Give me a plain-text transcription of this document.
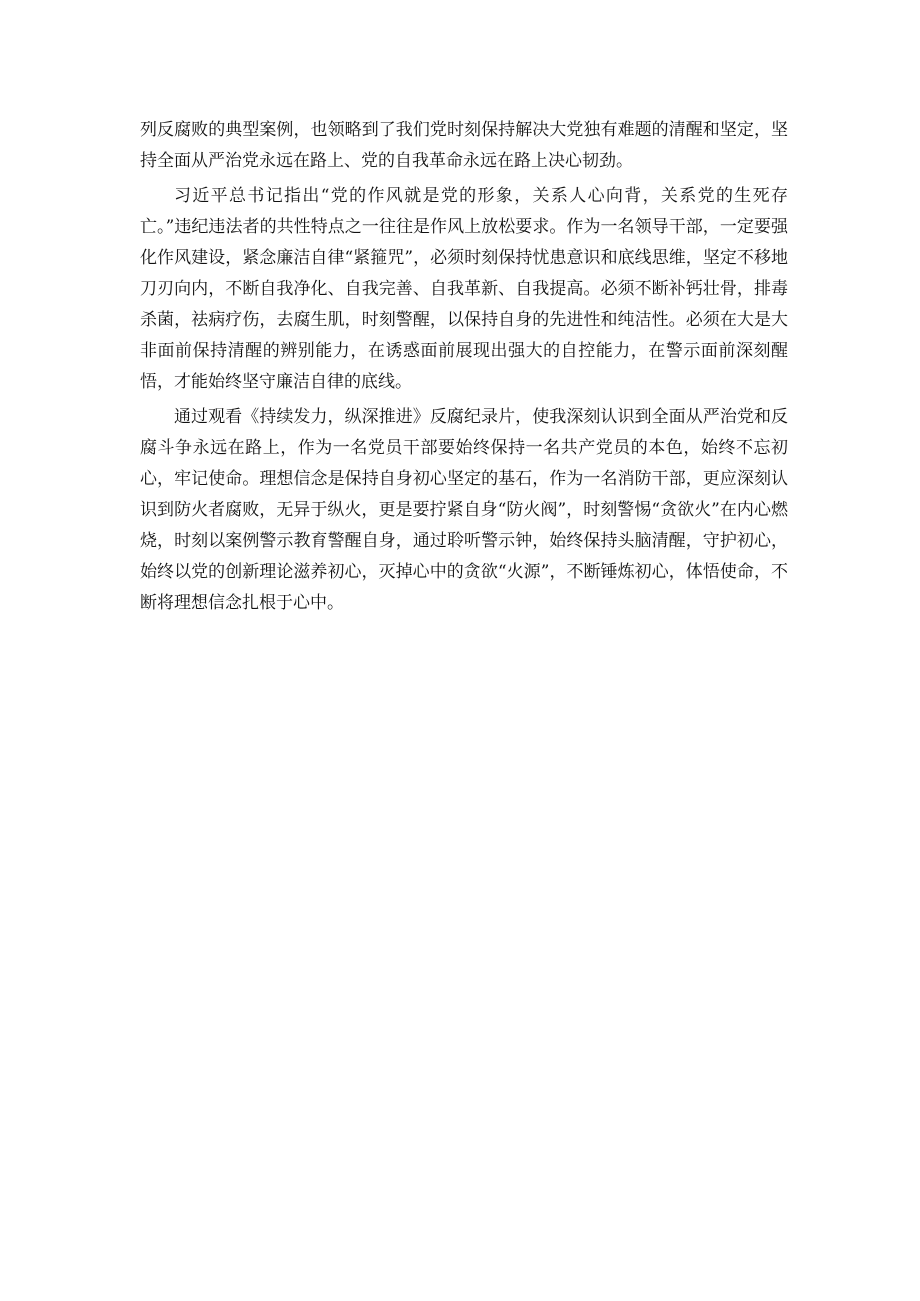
列反腐败的典型案例，也领略到了我们党时刻保持解决大党独有难题的清醒和坚定，坚持全面从严治党永远在路上、党的自我革命永远在路上决心韧劲。

习近平总书记指出“党的作风就是党的形象，关系人心向背，关系党的生死存亡。”违纪违法者的共性特点之一往往是作风上放松要求。作为一名领导干部，一定要强化作风建设，紧念廉洁自律“紧箍咒”，必须时刻保持忧患意识和底线思维，坚定不移地刀刃向内，不断自我净化、自我完善、自我革新、自我提高。必须不断补钙壮骨，排毒杀菌，祛病疗伤，去腐生肌，时刻警醒，以保持自身的先进性和纯洁性。必须在大是大非面前保持清醒的辨别能力，在诱惑面前展现出强大的自控能力，在警示面前深刻醒悟，才能始终坚守廉洁自律的底线。

通过观看《持续发力，纵深推进》反腐纪录片，使我深刻认识到全面从严治党和反腐斗争永远在路上，作为一名党员干部要始终保持一名共产党员的本色，始终不忘初心，牢记使命。理想信念是保持自身初心坚定的基石，作为一名消防干部，更应深刻认识到防火者腐败，无异于纵火，更是要拧紧自身“防火阀”，时刻警惕“贪欲火”在内心燃烧，时刻以案例警示教育警醒自身，通过聆听警示钟，始终保持头脑清醒，守护初心，始终以党的创新理论滋养初心，灭掉心中的贪欲“火源”，不断锤炼初心，体悟使命，不断将理想信念扎根于心中。
